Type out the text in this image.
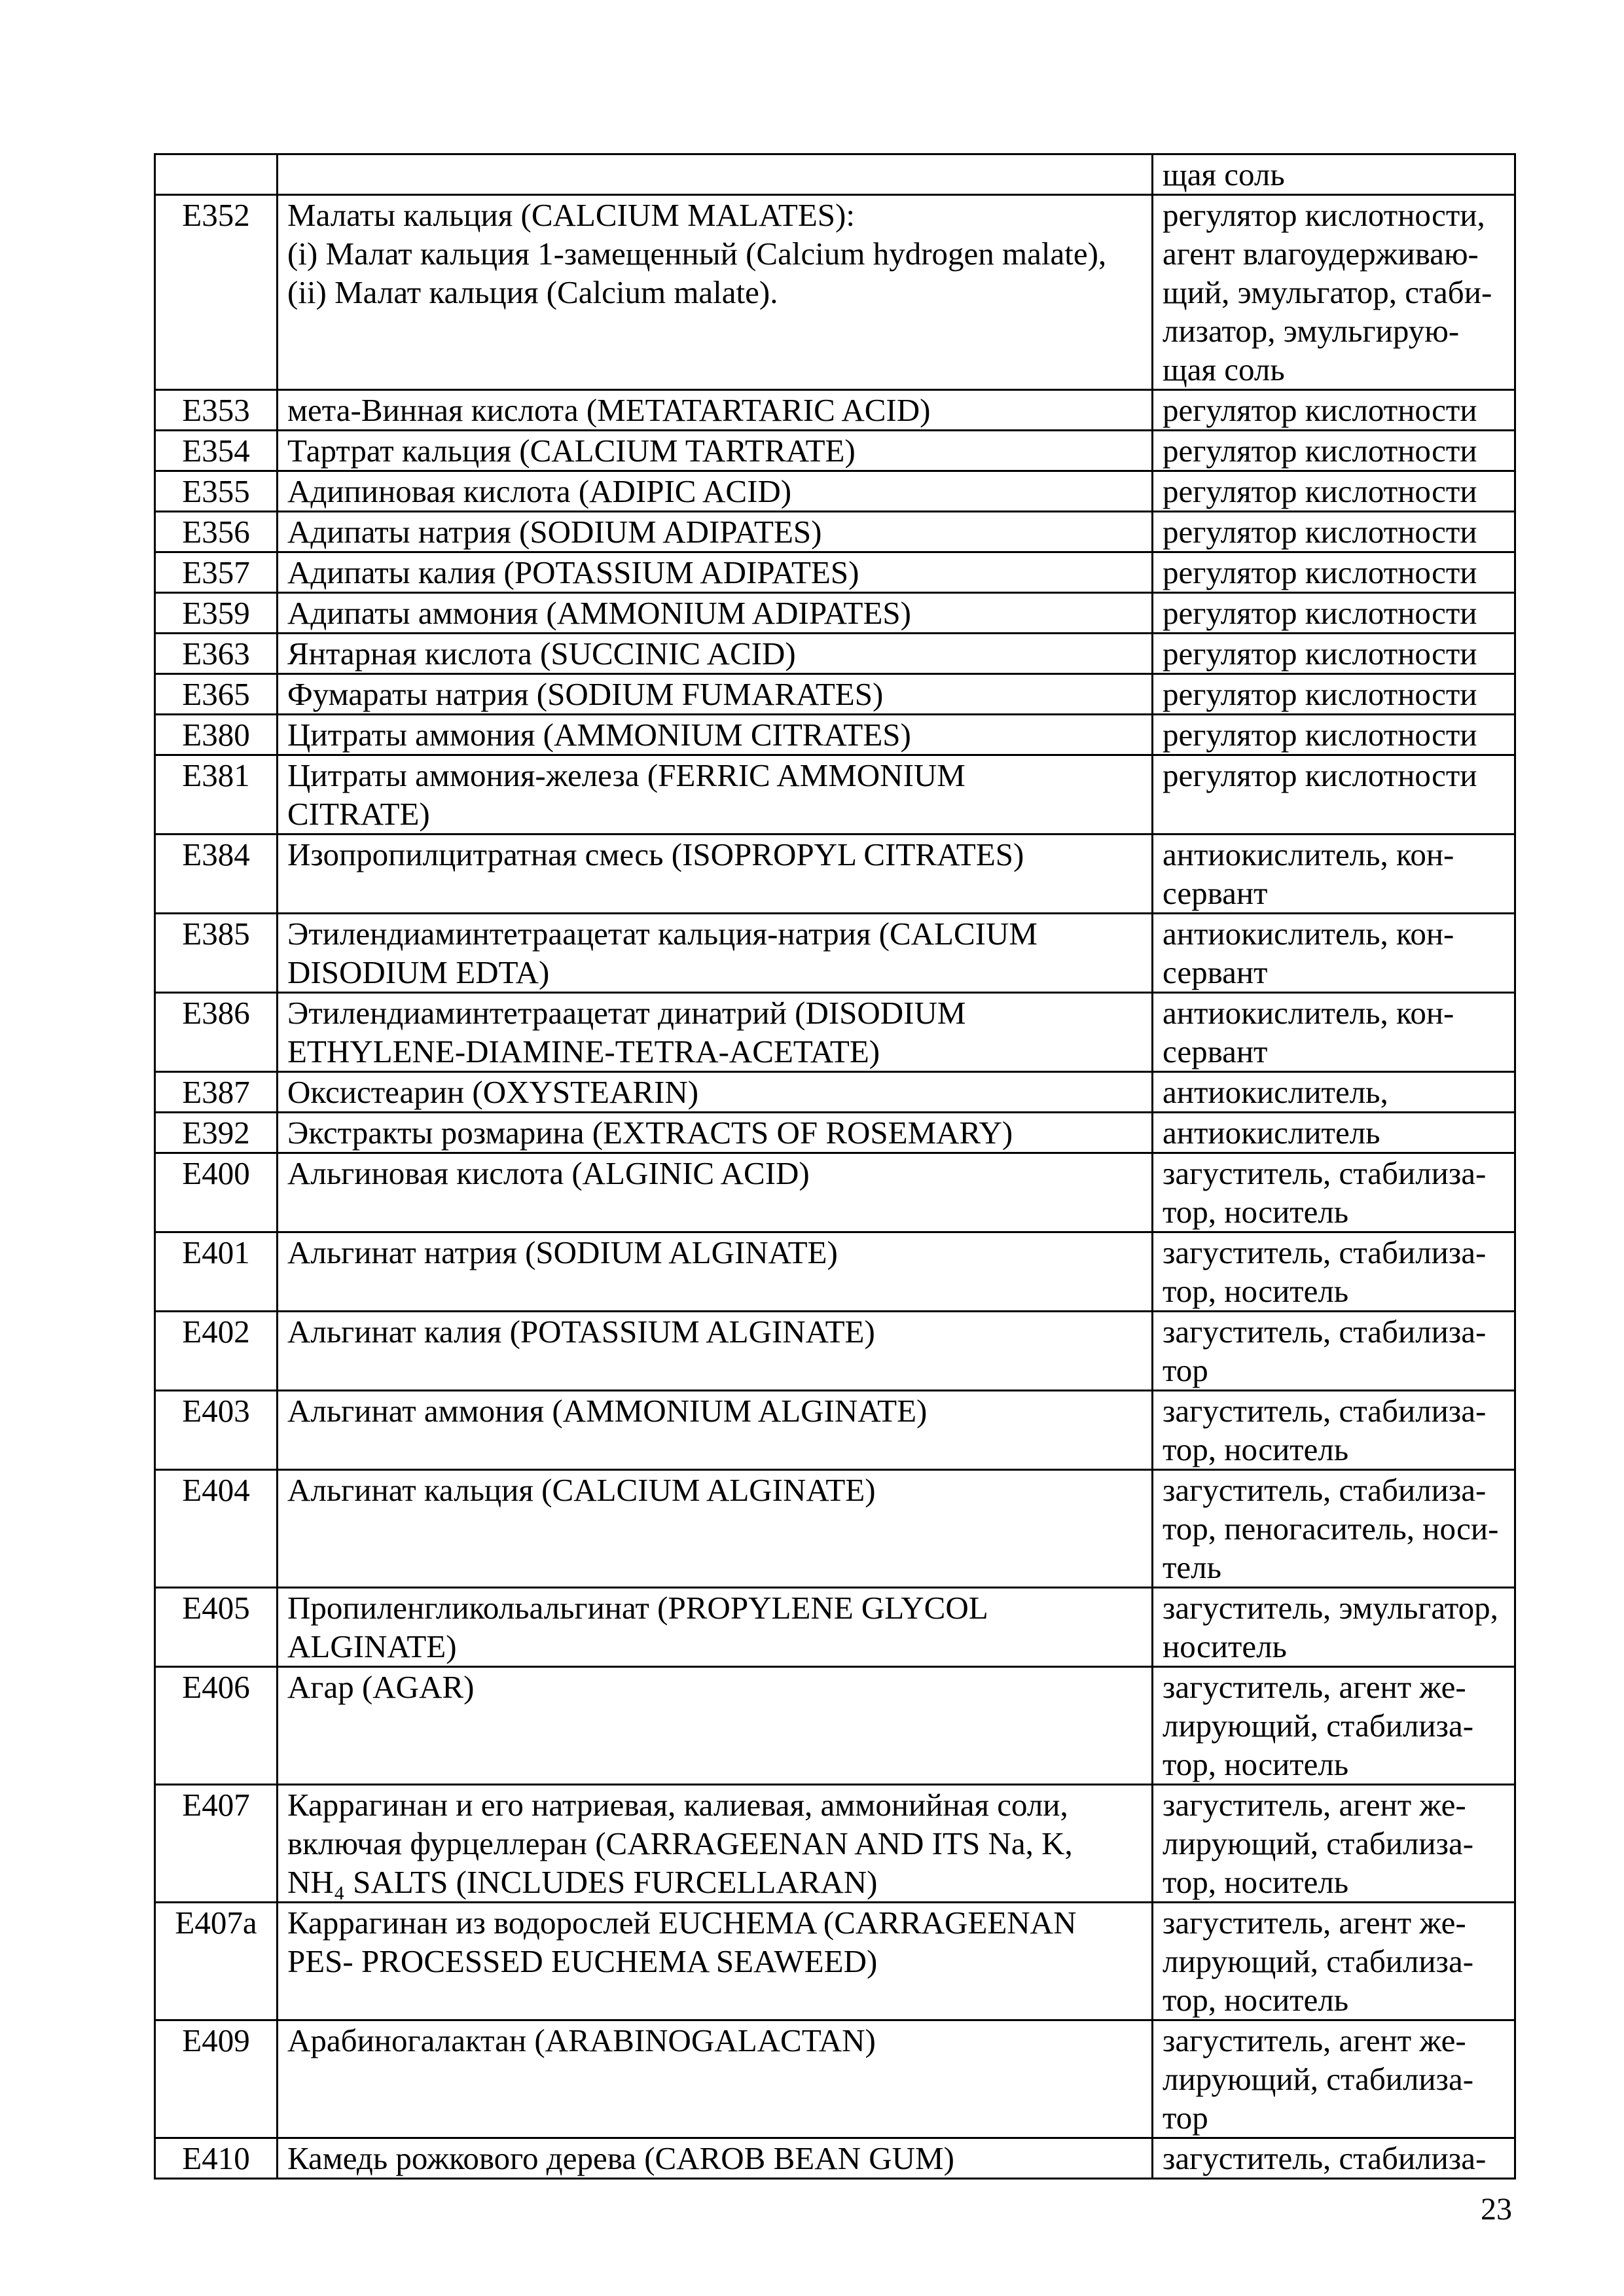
		щая соль
E352	Малаты кальция (CALCIUM MALATES):
(i) Малат кальция 1-замещенный (Calcium hydrogen malate),
(ii) Малат кальция (Calcium malate).	регулятор кислотности,
агент влагоудерживаю-
щий, эмульгатор, стаби-
лизатор, эмульгирую-
щая соль
E353	мета-Винная кислота (METATARTARIC ACID)	регулятор кислотности
E354	Тартрат кальция (CALCIUM TARTRATE)	регулятор кислотности
E355	Адипиновая кислота (ADIPIC ACID)	регулятор кислотности
E356	Адипаты натрия (SODIUM ADIPATES)	регулятор кислотности
E357	Адипаты калия (POTASSIUM ADIPATES)	регулятор кислотности
E359	Адипаты аммония (AMMONIUM ADIPATES)	регулятор кислотности
E363	Янтарная кислота (SUCCINIC ACID)	регулятор кислотности
E365	Фумараты натрия (SODIUM FUMARATES)	регулятор кислотности
E380	Цитраты аммония (AMMONIUM CITRATES)	регулятор кислотности
E381	Цитраты аммония-железа (FERRIC AMMONIUM
CITRATE)	регулятор кислотности
E384	Изопропилцитратная смесь (ISOPROPYL CITRATES)	антиокислитель, кон-
сервант
E385	Этилендиаминтетраацетат кальция-натрия (CALCIUM
DISODIUM EDTA)	антиокислитель, кон-
сервант
E386	Этилендиаминтетраацетат динатрий (DISODIUM
ETHYLENE-DIAMINE-TETRA-ACETATE)	антиокислитель, кон-
сервант
E387	Оксистеарин (OXYSTEARIN)	антиокислитель,
E392	Экстракты розмарина (EXTRACTS OF ROSEMARY)	антиокислитель
E400	Альгиновая кислота (ALGINIC ACID)	загуститель, стабилиза-
тор, носитель
E401	Альгинат натрия (SODIUM ALGINATE)	загуститель, стабилиза-
тор, носитель
E402	Альгинат калия (POTASSIUM ALGINATE)	загуститель, стабилиза-
тор
E403	Альгинат аммония (AMMONIUM ALGINATE)	загуститель, стабилиза-
тор, носитель
E404	Альгинат кальция (CALCIUM ALGINATE)	загуститель, стабилиза-
тор, пеногаситель, носи-
тель
E405	Пропиленгликольальгинат (PROPYLENE GLYCOL
ALGINATE)	загуститель, эмульгатор,
носитель
E406	Агар (AGAR)	загуститель, агент же-
лирующий, стабилиза-
тор, носитель
E407	Каррагинан и его натриевая, калиевая, аммонийная соли,
включая фурцеллеран (CARRAGEENAN AND ITS Na, K,
NH₄ SALTS (INCLUDES FURCELLARAN)	загуститель, агент же-
лирующий, стабилиза-
тор, носитель
E407a	Каррагинан из водорослей EUCHEMA (CARRAGEENAN
PES- PROCESSED EUCHEMA SEAWEED)	загуститель, агент же-
лирующий, стабилиза-
тор, носитель
E409	Арабиногалактан (ARABINOGALACTAN)	загуститель, агент же-
лирующий, стабилиза-
тор
E410	Камедь рожкового дерева (CAROB BEAN GUM)	загуститель, стабилиза-
23
